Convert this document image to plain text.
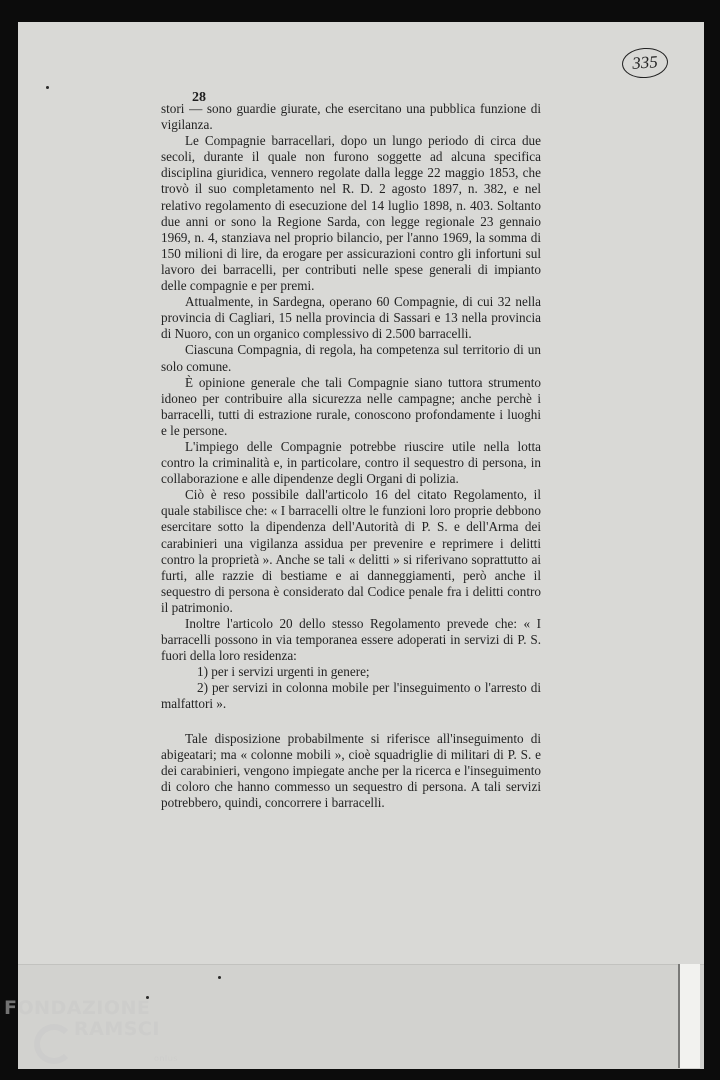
335
28

stori — sono guardie giurate, che esercitano una pubblica funzione di vigilanza.

Le Compagnie barracellari, dopo un lungo periodo di circa due secoli, durante il quale non furono soggette ad alcuna specifica disciplina giuridica, vennero regolate dalla legge 22 maggio 1853, che trovò il suo completamento nel R. D. 2 agosto 1897, n. 382, e nel relativo regolamento di esecuzione del 14 luglio 1898, n. 403. Soltanto due anni or sono la Regione Sarda, con legge regionale 23 gennaio 1969, n. 4, stanziava nel proprio bilancio, per l'anno 1969, la somma di 150 milioni di lire, da erogare per assicurazioni contro gli infortuni sul lavoro dei barracelli, per contributi nelle spese generali di impianto delle compagnie e per premi.

Attualmente, in Sardegna, operano 60 Compagnie, di cui 32 nella provincia di Cagliari, 15 nella provincia di Sassari e 13 nella provincia di Nuoro, con un organico complessivo di 2.500 barracelli.

Ciascuna Compagnia, di regola, ha competenza sul territorio di un solo comune.

È opinione generale che tali Compagnie siano tuttora strumento idoneo per contribuire alla sicurezza nelle campagne; anche perchè i barracelli, tutti di estrazione rurale, conoscono profondamente i luoghi e le persone.

L'impiego delle Compagnie potrebbe riuscire utile nella lotta contro la criminalità e, in particolare, contro il sequestro di persona, in collaborazione e alle dipendenze degli Organi di polizia.

Ciò è reso possibile dall'articolo 16 del citato Regolamento, il quale stabilisce che: « I barracelli oltre le funzioni loro proprie debbono esercitare sotto la dipendenza dell'Autorità di P. S. e dell'Arma dei carabinieri una vigilanza assidua per prevenire e reprimere i delitti contro la proprietà ». Anche se tali « delitti » si riferivano soprattutto ai furti, alle razzie di bestiame e ai danneggiamenti, però anche il sequestro di persona è considerato dal Codice penale fra i delitti contro il patrimonio.

Inoltre l'articolo 20 dello stesso Regolamento prevede che: « I barracelli possono in via temporanea essere adoperati in servizi di P. S. fuori della loro residenza:

1) per i servizi urgenti in genere;

2) per servizi in colonna mobile per l'inseguimento o l'arresto di malfattori ».

Tale disposizione probabilmente si riferisce all'inseguimento di abigeatari; ma « colonne mobili », cioè squadriglie di militari di P. S. e dei carabinieri, vengono impiegate anche per la ricerca e l'inseguimento di coloro che hanno commesso un sequestro di persona. A tali servizi potrebbero, quindi, concorrere i barracelli.

FONDAZIONE
RAMSCI
onlus
